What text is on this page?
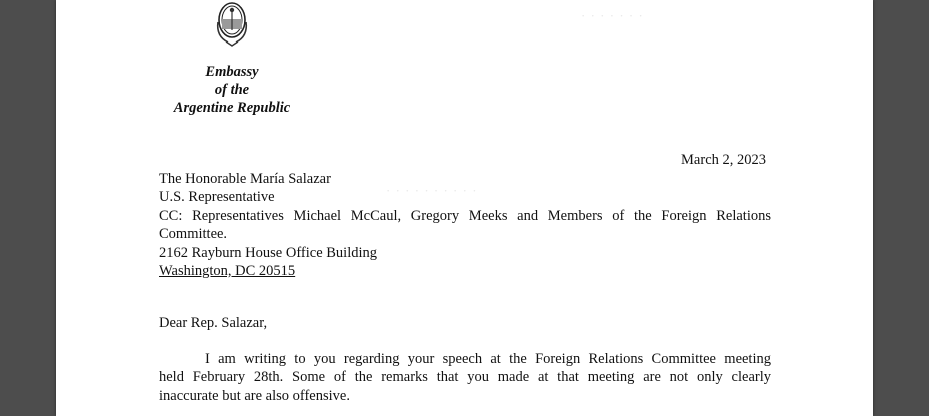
· · · · · · ·
· · · · · · · · · ·
Embassy
of the
Argentine Republic
March 2, 2023
The Honorable María Salazar
U.S. Representative
CC: Representatives Michael McCaul, Gregory Meeks and Members of the Foreign Relations
Committee.
2162 Rayburn House Office Building
Washington, DC 20515
Dear Rep. Salazar,
I am writing to you regarding your speech at the Foreign Relations Committee meeting
held February 28th. Some of the remarks that you made at that meeting are not only clearly
inaccurate but are also offensive.
